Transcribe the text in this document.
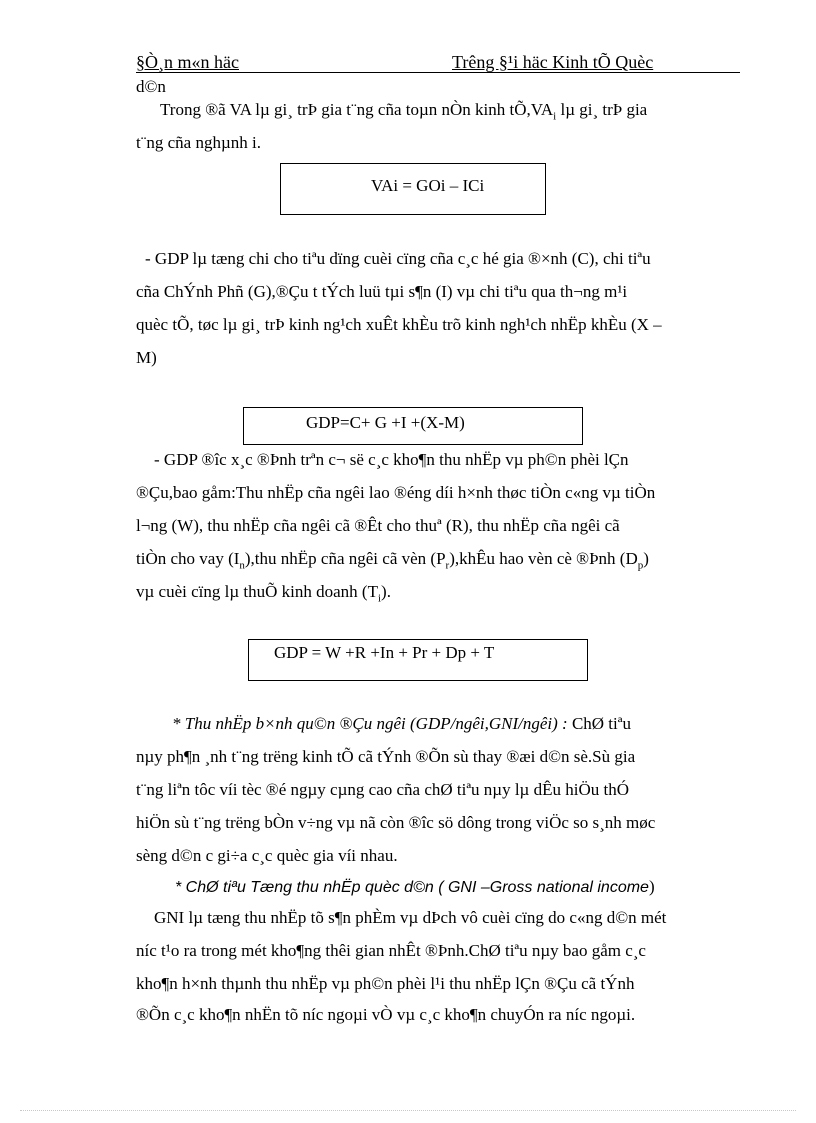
§Ò¸n m«n häc	Trêng §¹i häc Kinh tÕ Quèc
d©n
Trong ®ã VA lµ gi¸ trÞ gia t¨ng cña toµn nÒn kinh $tÕ,VA_i$ lµ gi¸ trÞ gia
t¨ng cña nghµnh i.
VAi = GOi – ICi
- GDP lµ tæng chi cho tiªu dïng cuèi cïng cña c¸c hé gia ®×nh (C), chi tiªu
cña ChÝnh Phñ (G),®Çu t tÝch luü tµi s¶n (I) vµ chi tiªu qua th¬ng m¹i
quèc tÕ, tøc lµ gi¸ trÞ kinh ng¹ch xuÊt khÈu trõ kinh ngh¹ch nhËp khÈu (X –
M)
GDP=C+ G +I +(X-M)
- GDP ®îc x¸c ®Þnh trªn c¬ së c¸c kho¶n thu nhËp vµ ph©n phèi lÇn
®Çu,bao gåm:Thu nhËp cña ngêi lao ®éng díi h×nh thøc tiÒn c«ng vµ tiÒn
l¬ng (W), thu nhËp cña ngêi cã ®Êt cho thuª (R), thu nhËp cña ngêi cã
tiÒn cho vay $(I_n),thu$ nhËp cña ngêi cã vèn $(P_r),khÊu$ hao vèn cè ®Þnh $(D_p)$
vµ cuèi cïng lµ thuÕ kinh doanh $(T_i)$.
GDP = W +R +In + Pr + Dp + T
* Thu nhËp b×nh qu©n ®Çu ngêi (GDP/ngêi,GNI/ngêi) : ChØ tiªu
nµy ph¶n ¸nh t¨ng trëng kinh tÕ cã tÝnh ®Õn sù thay ®æi d©n sè.Sù gia
t¨ng liªn tôc víi tèc ®é ngµy cµng cao cña chØ tiªu nµy lµ dÊu hiÖu thÓ
hiÖn sù t¨ng trëng bÒn v÷ng vµ nã còn ®îc sö dông trong viÖc so s¸nh møc
sèng d©n c gi÷a c¸c quèc gia víi nhau.
* ChØ tiªu Tæng thu nhËp quèc d©n ( GNI –Gross national income)
GNI lµ tæng thu nhËp tõ s¶n phÈm vµ dÞch vô cuèi cïng do c«ng d©n mét
níc t¹o ra trong mét kho¶ng thêi gian nhÊt ®Þnh.ChØ tiªu nµy bao gåm c¸c
kho¶n h×nh thµnh thu nhËp vµ ph©n phèi l¹i thu nhËp lÇn ®Çu cã tÝnh
®Õn c¸c kho¶n nhËn tõ níc ngoµi vÒ vµ c¸c kho¶n chuyÓn ra níc ngoµi.
